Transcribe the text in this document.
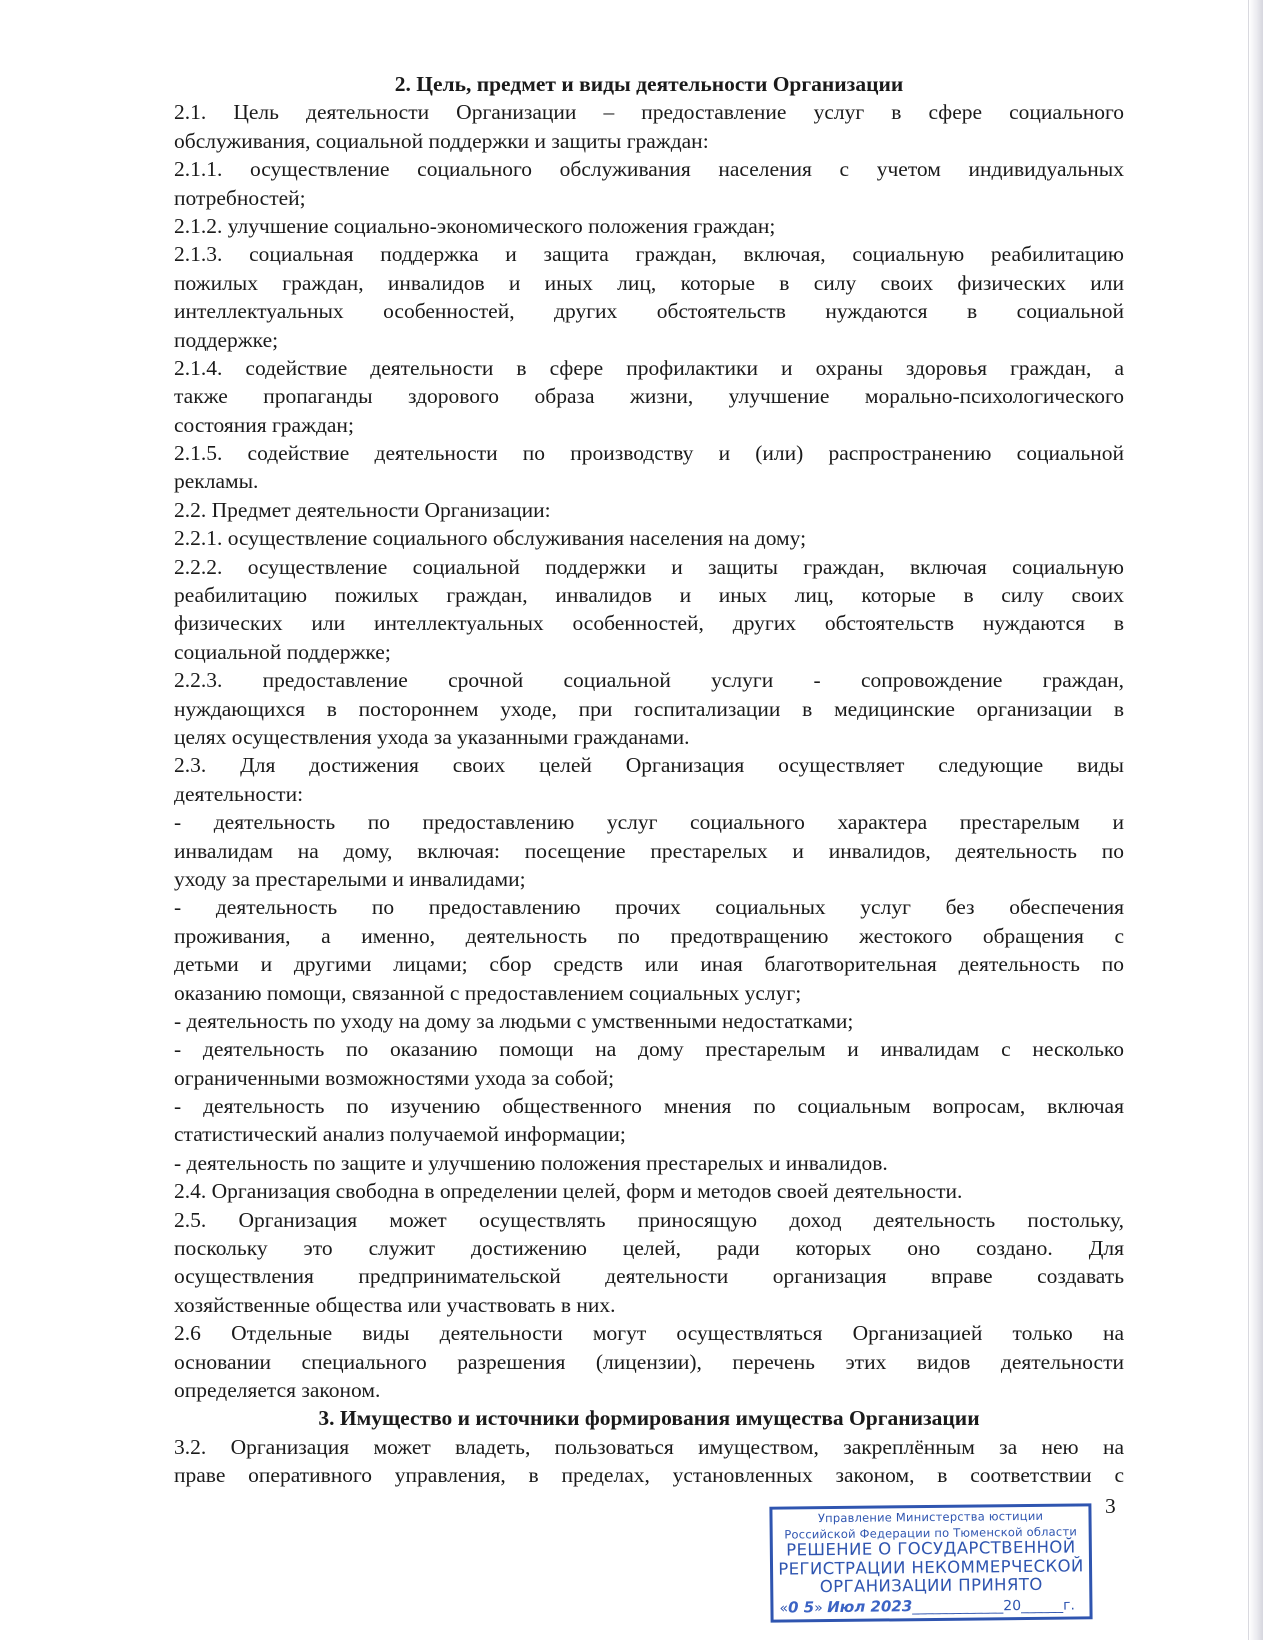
2. Цель, предмет и виды деятельности Организации
2.1. Цель деятельности Организации – предоставление услуг в сфере социального
обслуживания, социальной поддержки и защиты граждан:
2.1.1. осуществление социального обслуживания населения с учетом индивидуальных
потребностей;
2.1.2. улучшение социально-экономического положения граждан;
2.1.3. социальная поддержка и защита граждан, включая, социальную реабилитацию
пожилых граждан, инвалидов и иных лиц, которые в силу своих физических или
интеллектуальных особенностей, других обстоятельств нуждаются в социальной
поддержке;
2.1.4. содействие деятельности в сфере профилактики и охраны здоровья граждан, а
также пропаганды здорового образа жизни, улучшение морально-психологического
состояния граждан;
2.1.5. содействие деятельности по производству и (или) распространению социальной
рекламы.
2.2. Предмет деятельности Организации:
2.2.1. осуществление социального обслуживания населения на дому;
2.2.2. осуществление социальной поддержки и защиты граждан, включая социальную
реабилитацию пожилых граждан, инвалидов и иных лиц, которые в силу своих
физических или интеллектуальных особенностей, других обстоятельств нуждаются в
социальной поддержке;
2.2.3. предоставление срочной социальной услуги - сопровождение граждан,
нуждающихся в постороннем уходе, при госпитализации в медицинские организации в
целях осуществления ухода за указанными гражданами.
2.3. Для достижения своих целей Организация осуществляет следующие виды
деятельности:
- деятельность по предоставлению услуг социального характера престарелым и
инвалидам на дому, включая: посещение престарелых и инвалидов, деятельность по
уходу за престарелыми и инвалидами;
- деятельность по предоставлению прочих социальных услуг без обеспечения
проживания, а именно, деятельность по предотвращению жестокого обращения с
детьми и другими лицами; сбор средств или иная благотворительная деятельность по
оказанию помощи, связанной с предоставлением социальных услуг;
- деятельность по уходу на дому за людьми с умственными недостатками;
- деятельность по оказанию помощи на дому престарелым и инвалидам с несколько
ограниченными возможностями ухода за собой;
- деятельность по изучению общественного мнения по социальным вопросам, включая
статистический анализ получаемой информации;
- деятельность по защите и улучшению положения престарелых и инвалидов.
2.4. Организация свободна в определении целей, форм и методов своей деятельности.
2.5. Организация может осуществлять приносящую доход деятельность постольку,
поскольку это служит достижению целей, ради которых оно создано. Для
осуществления предпринимательской деятельности организация вправе создавать
хозяйственные общества или участвовать в них.
2.6 Отдельные виды деятельности могут осуществляться Организацией только на
основании специального разрешения (лицензии), перечень этих видов деятельности
определяется законом.
3. Имущество и источники формирования имущества Организации
3.2. Организация может владеть, пользоваться имуществом, закреплённым за нею на
праве оперативного управления, в пределах, установленных законом, в соответствии с
3
Управление Министерства юстиции
Российской Федерации по Тюменской области
РЕШЕНИЕ О ГОСУДАРСТВЕННОЙ
РЕГИСТРАЦИИ НЕКОММЕРЧЕСКОЙ
ОРГАНИЗАЦИИ ПРИНЯТО
«0 5» Июл 2023_____________20______г.
